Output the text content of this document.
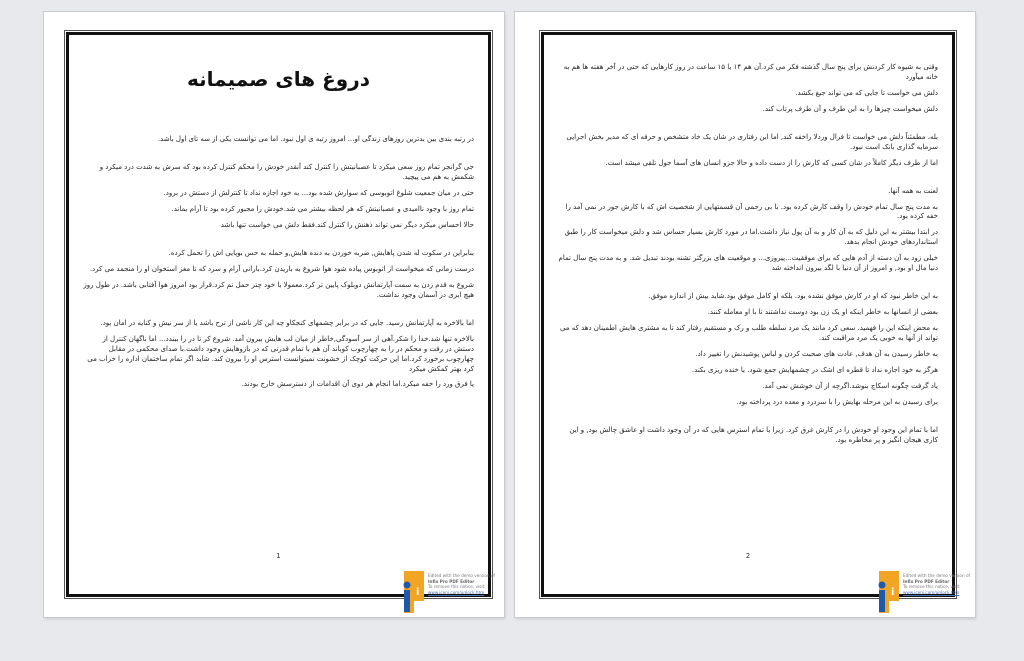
دروغ های صمیمانه

در رتبه بندی بین بدترین روزهای زندگی او... امروز رتبه ی اول نبود. اما می توانست یکی از سه تای اول باشد.

جی گرانجر تمام روز سعی میکرد تا عصبانیتش را کنترل کند آنقدر خودش را محکم کنترل کرده بود که سرش به شدت درد میکرد و شکمش به هم می پیچید.

حتی در میان جمعیت شلوغ اتوبوسی که سوارش شده بود... به خود اجازه نداد تا کنترلش از دستش در برود.

تمام روز با وجود ناامیدی و عصبانیتش که هر لحظه بیشتر می شد.خودش را مجبور کرده بود تا آرام بماند.

حالا احساس میکرد دیگر نمی تواند ذهنش را کنترل کند.فقط دلش می خواست تنها باشد

بنابراین در سکوت له شدن پاهایش, ضربه خوردن به دنده هایش,و حمله به حس بویایی اش را تحمل کرده.

درست زمانی که میخواست از اتوبوس پیاده شود هوا شروع به باریدن کرد.بارانی آرام و سرد که تا مغز استخوان او را منجمد می کرد.

شروع به قدم زدن به سمت آپارتمانش دوبلوک پایین تر کرد.معمولا با خود چتر حمل نم کرد.قرار بود امروز هوا آفتابی باشد. در طول روز هیچ ابری در آسمان وجود نداشت.

اما بالاخره به آپارتمانش رسید. جایی که در برابر چشمهای کنجکاو چه این کار ناشی از ترح باشد یا از سر نیش و کنایه در امان بود.

بالاخره تنها شد.خدا را شکر.آهی از سر آسودگی,خاطر از میان لب هایش بیرون آمد. شروع کر تا در را ببندد... اما ناگهان کنترل از دستش در رفت و محکم در را به چهارچوب کوباند آن هم با تمام قدرتی که در بازوهایش وجود داشت.با صدای محکمی در مقابل چهارچوب برخورد کرد.اما این حرکت کوچک از خشونت نمیتوانست استرس او را بیرون کند. شاید اگر تمام ساختمان اداره را خراب می کرد بهتر کمکش میکرد

یا فرق ورد را خفه میکرد.اما انجام هر دوی آن اقدامات از دسترسش خارج بودند.

1
i
Edited with the demo version of
Infix Pro PDF Editor
To remove this notice, visit:
www.iceni.com/unlock.htm

وقتی به شیوه کار کردنش برای پنج سال گذشته فکر می کرد.آن هم ۱۴ یا ۱۵ ساعت در روز کارهایی که حتی در آخر هفته ها هم به خانه میآورد

دلش می خواست تا جایی که می تواند جیغ بکشد.

دلش میخواست چیزها را به این طرف و آن طرف پرتاب کند.

بله، مطمئناً دلش می خواست تا فرال وردلا راخفه کند, اما این رفتاری در شان یک خاد متشخص و حرفه ای که مدیر بخش اجرایی سرمایه گذاری بانک است نبود.

اما از طرف دیگر کاملاً در شان کسی که کارش را از دست داده و حالا جزو انسان های آسما جول تلقی میشد است.

لعنت به همه آنها.

به مدت پنج سال تمام خودش را وقف کارش کرده بود. با بی رحمی آن قسمتهایی از شخصیت اش که با کارش جور در نمی آمد را خفه کرده بود.

در ابتدا بیشتر به این دلیل که به آن کار و به آن پول نیاز داشت.اما در مورد کارش بسیار حساس شد و دلش میخواست کار را طبق استانداردهای خودش انجام بدهد.

خیلی زود به آن دسته از آدم هایی که برای موفقیت...پیروزی... و موقعیت های بزرگتر تشنه بودند تبدیل شد. و به مدت پنج سال تمام دنیا مال او بود, و امروز از آن دنیا با لگد بیرون انداخته شد

به این خاطر نبود که او در کارش موفق نشده بود. بلکه او کامل موفق بود.شاید بیش از اندازه موفق.

بعضی از انسانها به خاطر اینکه او یک زن بود دوست نداشتند تا با او معامله کنند.

به محض اینکه این را فهمید. سعی کرد مانند یک مرد سلطه طلب و رک و مستقیم رفتار کند تا به مشتری هایش اطمینان دهد که می تواند از آنها به خوبی یک مرد مراقبت کند.

به خاطر رسیدن به آن هدف, عادت های صحبت کردن و لباس پوشیدنش را تغییر داد.

هرگز به خود اجازه نداد تا قطره ای اشک در چشمهایش جمع شود. یا خنده ریزی بکند.

یاد گرفت چگونه اسکاچ بنوشد.اگرچه از آن خوشش نمی آمد.

برای رسیدن به این مرحله بهایش را با سردرد و معده درد پرداخته بود.

اما با تمام این وجود او خودش را در کارش غرق کرد. زیرا با تمام استرس هایی که در آن وجود داشت او عاشق چالش بود, و این کاری هیجان انگیز و پر مخاطره بود.

2
i
Edited with the demo version of
Infix Pro PDF Editor
To remove this notice, visit:
www.iceni.com/unlock.htm
